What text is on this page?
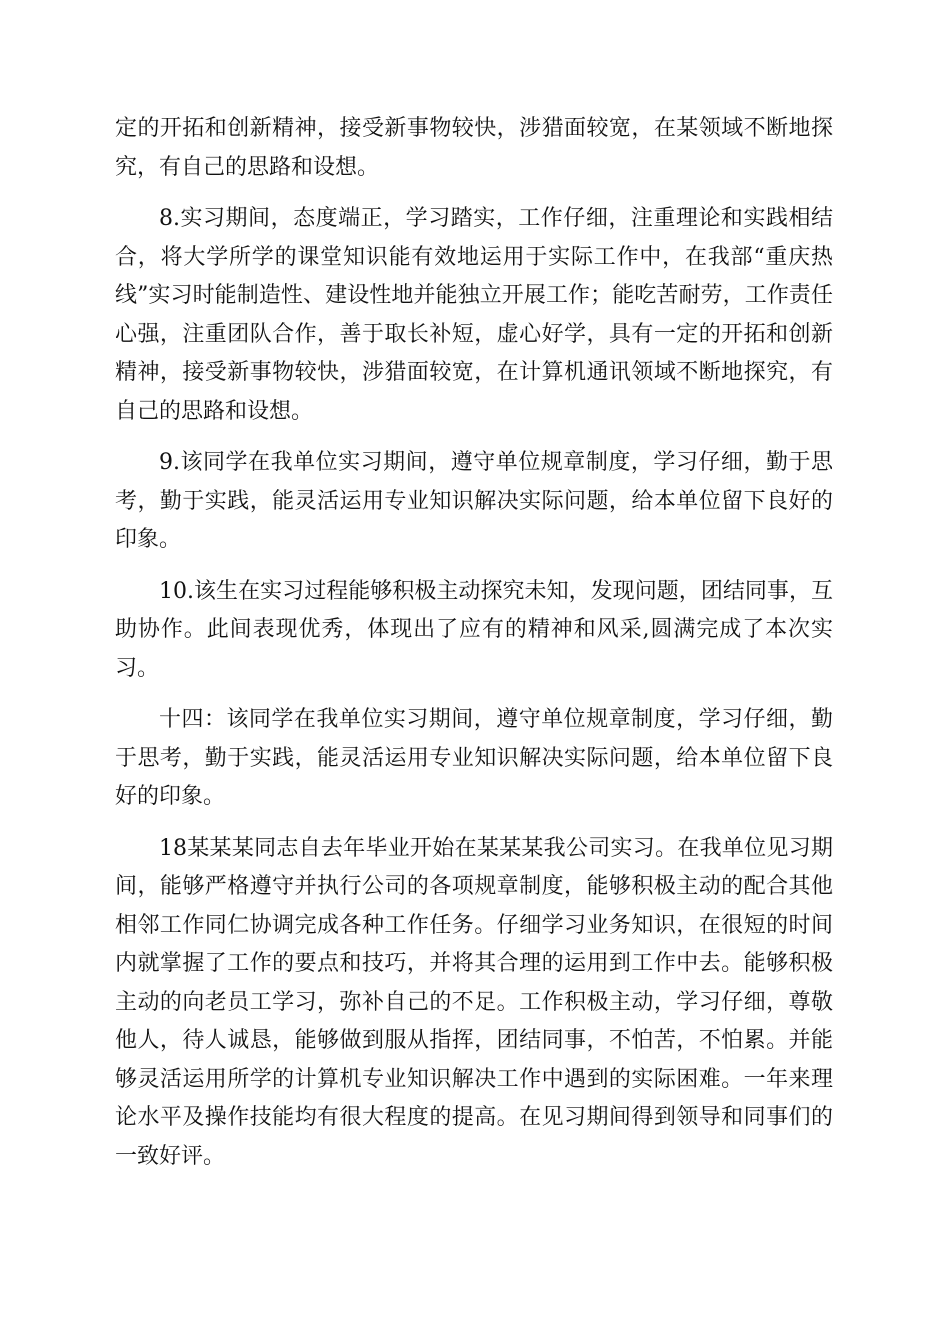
定的开拓和创新精神，接受新事物较快，涉猎面较宽，在某领域不断地探究，有自己的思路和设想。

8.实习期间，态度端正，学习踏实，工作仔细，注重理论和实践相结合，将大学所学的课堂知识能有效地运用于实际工作中，在我部“重庆热线”实习时能制造性、建设性地并能独立开展工作；能吃苦耐劳，工作责任心强，注重团队合作，善于取长补短，虚心好学，具有一定的开拓和创新精神，接受新事物较快，涉猎面较宽，在计算机通讯领域不断地探究，有自己的思路和设想。

9.该同学在我单位实习期间，遵守单位规章制度，学习仔细，勤于思考，勤于实践，能灵活运用专业知识解决实际问题，给本单位留下良好的印象。

10.该生在实习过程能够积极主动探究未知，发现问题，团结同事，互助协作。此间表现优秀，体现出了应有的精神和风采,圆满完成了本次实习。

十四：该同学在我单位实习期间，遵守单位规章制度，学习仔细，勤于思考，勤于实践，能灵活运用专业知识解决实际问题，给本单位留下良好的印象。

18某某某同志自去年毕业开始在某某某我公司实习。在我单位见习期间，能够严格遵守并执行公司的各项规章制度，能够积极主动的配合其他相邻工作同仁协调完成各种工作任务。仔细学习业务知识，在很短的时间内就掌握了工作的要点和技巧，并将其合理的运用到工作中去。能够积极主动的向老员工学习，弥补自己的不足。工作积极主动，学习仔细，尊敬他人，待人诚恳，能够做到服从指挥，团结同事，不怕苦，不怕累。并能够灵活运用所学的计算机专业知识解决工作中遇到的实际困难。一年来理论水平及操作技能均有很大程度的提高。在见习期间得到领导和同事们的一致好评。
